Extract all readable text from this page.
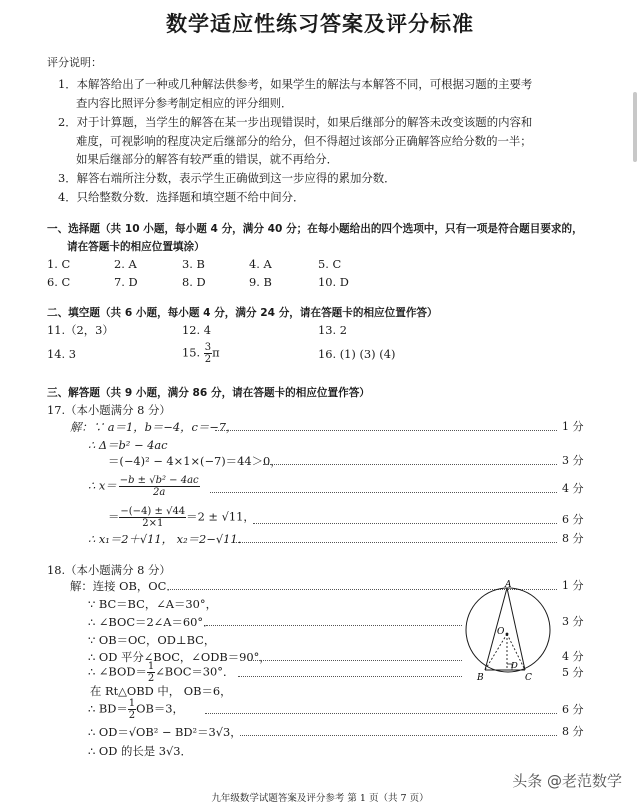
数学适应性练习答案及评分标准
评分说明：
1．本解答给出了一种或几种解法供参考，如果学生的解法与本解答不同，可根据习题的主要考
查内容比照评分参考制定相应的评分细则．
2．对于计算题，当学生的解答在某一步出现错误时，如果后继部分的解答未改变该题的内容和
难度，可视影响的程度决定后继部分的给分，但不得超过该部分正确解答应给分数的一半；
如果后继部分的解答有较严重的错误，就不再给分．
3．解答右端所注分数，表示学生正确做到这一步应得的累加分数．
4．只给整数分数．选择题和填空题不给中间分．
一、选择题（共 10 小题，每小题 4 分，满分 40 分；在每小题给出的四个选项中，只有一项是符合题目要求的，
请在答题卡的相应位置填涂）
1. C	2. A	3. B	4. A	5. C
6. C	7. D	8. D	9. B	10. D
二、填空题（共 6 小题，每小题 4 分，满分 24 分，请在答题卡的相应位置作答）
11.（2，3）	12. 4	13. 2
14. 3	15. $\frac{3}{2}$ π	16. (1) (3) (4)
三、解答题（共 9 小题，满分 86 分，请在答题卡的相应位置作答）
17.（本小题满分 8 分）
解：∵ a＝1，b＝−4，c＝−7，	1 分
∴ Δ＝b² − 4ac
＝(−4)² − 4×1×(−7)＝44＞0，	3 分
∴ $x= \frac{\text{−b ± √b² − 4ac}}{2a}$	4 分
＝ $\frac{-(-4) \pm √44}{2\times 1} =2 \pm √11$，	6 分
∴ x₁＝2＋√11， x₂＝2−√11．	8 分
18.（本小题满分 8 分）
解：连接 OB，OC．	1 分
∵ BC＝BC，∠A＝30°，
∴ ∠BOC＝2∠A＝60°．	3 分
∵ OB＝OC，OD⊥BC，
∴ OD 平分∠BOC，∠ODB＝90°，	4 分
∴ ∠BOD＝ $\frac{1}{2}$ ∠BOC＝30°．	5 分
在 Rt△OBD 中， OB＝6，
∴ $BD= \frac{1}{2} OB=3$，	6 分
∴ OD＝√OB² − BD²＝3√3，	8 分
∴ OD 的长是 3√3．
A
O
D
B	C
九年级数学试题答案及评分参考 第 1 页（共 7 页）
头条 @老范数学
